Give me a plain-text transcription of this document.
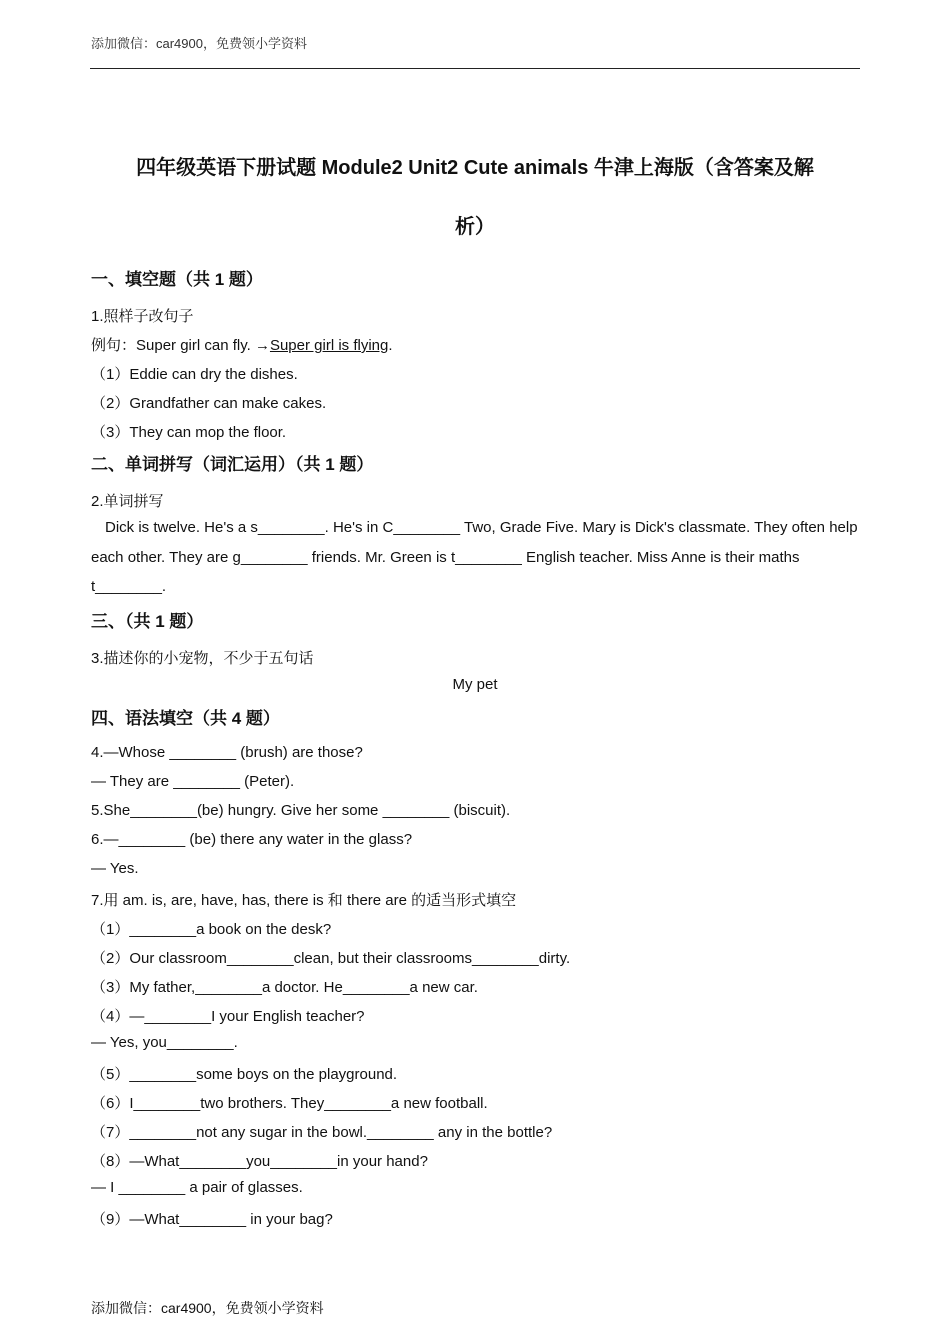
添加微信：car4900，免费领小学资料
四年级英语下册试题 Module2 Unit2 Cute animals 牛津上海版（含答案及解
析）
一、填空题（共 1 题）
1.照样子改句子
例句：Super girl can fly. →Super girl is flying.
（1）Eddie can dry the dishes.
（2）Grandfather can make cakes.
（3）They can mop the floor.
二、单词拼写（词汇运用）（共 1 题）
2.单词拼写
Dick is twelve. He's a s________. He's in C________ Two, Grade Five. Mary is Dick's classmate. They often help each other. They are g________ friends. Mr. Green is t________ English teacher. Miss Anne is their maths t________.
三、（共 1 题）
3.描述你的小宠物，不少于五句话
My pet
四、语法填空（共 4 题）
4.—Whose ________ (brush) are those?
— They are ________ (Peter).
5.She________(be) hungry. Give her some ________ (biscuit).
6.—________ (be) there any water in the glass?
— Yes.
7.用 am. is, are, have, has, there is 和 there are 的适当形式填空
（1）________a book on the desk?
（2）Our classroom________clean, but their classrooms________dirty.
（3）My father,________a doctor. He________a new car.
（4）—________I your English teacher?
— Yes, you________.
（5）________some boys on the playground.
（6）I________two brothers. They________a new football.
（7）________not any sugar in the bowl.________ any in the bottle?
（8）—What________you________in your hand?
— I ________ a pair of glasses.
（9）—What________ in your bag?
添加微信：car4900，免费领小学资料
